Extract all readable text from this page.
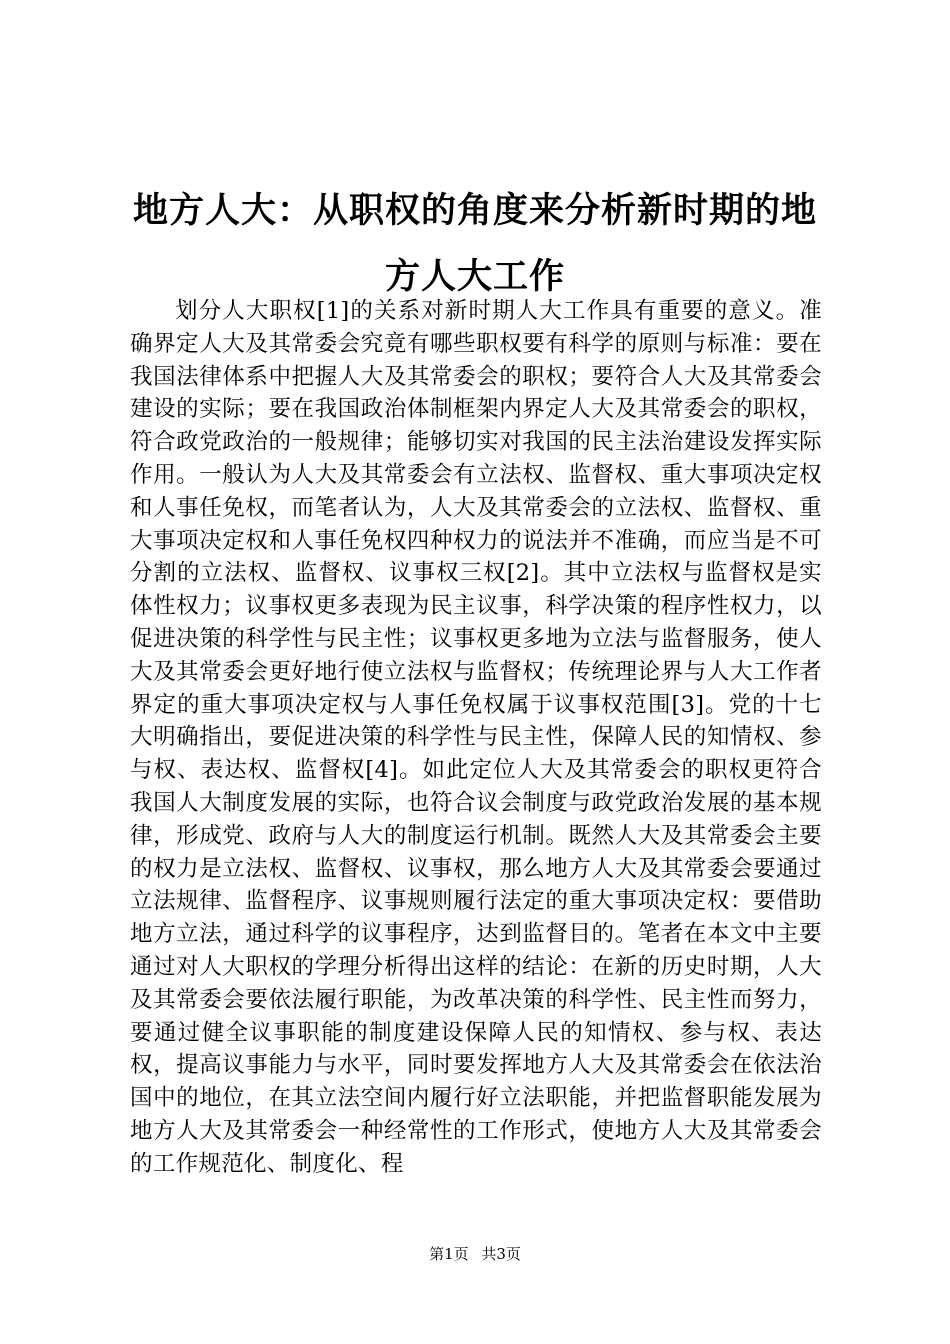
地方人大：从职权的角度来分析新时期的地方人大工作

划分人大职权[1]的关系对新时期人大工作具有重要的意义。准确界定人大及其常委会究竟有哪些职权要有科学的原则与标准：要在我国法律体系中把握人大及其常委会的职权；要符合人大及其常委会建设的实际；要在我国政治体制框架内界定人大及其常委会的职权，符合政党政治的一般规律；能够切实对我国的民主法治建设发挥实际作用。一般认为人大及其常委会有立法权、监督权、重大事项决定权和人事任免权，而笔者认为，人大及其常委会的立法权、监督权、重大事项决定权和人事任免权四种权力的说法并不准确，而应当是不可分割的立法权、监督权、议事权三权[2]。其中立法权与监督权是实体性权力；议事权更多表现为民主议事，科学决策的程序性权力，以促进决策的科学性与民主性；议事权更多地为立法与监督服务，使人大及其常委会更好地行使立法权与监督权；传统理论界与人大工作者界定的重大事项决定权与人事任免权属于议事权范围[3]。党的十七大明确指出，要促进决策的科学性与民主性，保障人民的知情权、参与权、表达权、监督权[4]。如此定位人大及其常委会的职权更符合我国人大制度发展的实际，也符合议会制度与政党政治发展的基本规律，形成党、政府与人大的制度运行机制。既然人大及其常委会主要的权力是立法权、监督权、议事权，那么地方人大及其常委会要通过立法规律、监督程序、议事规则履行法定的重大事项决定权：要借助地方立法，通过科学的议事程序，达到监督目的。笔者在本文中主要通过对人大职权的学理分析得出这样的结论：在新的历史时期，人大及其常委会要依法履行职能，为改革决策的科学性、民主性而努力，要通过健全议事职能的制度建设保障人民的知情权、参与权、表达权，提高议事能力与水平，同时要发挥地方人大及其常委会在依法治国中的地位，在其立法空间内履行好立法职能，并把监督职能发展为地方人大及其常委会一种经常性的工作形式，使地方人大及其常委会的工作规范化、制度化、程

第1页 共3页
